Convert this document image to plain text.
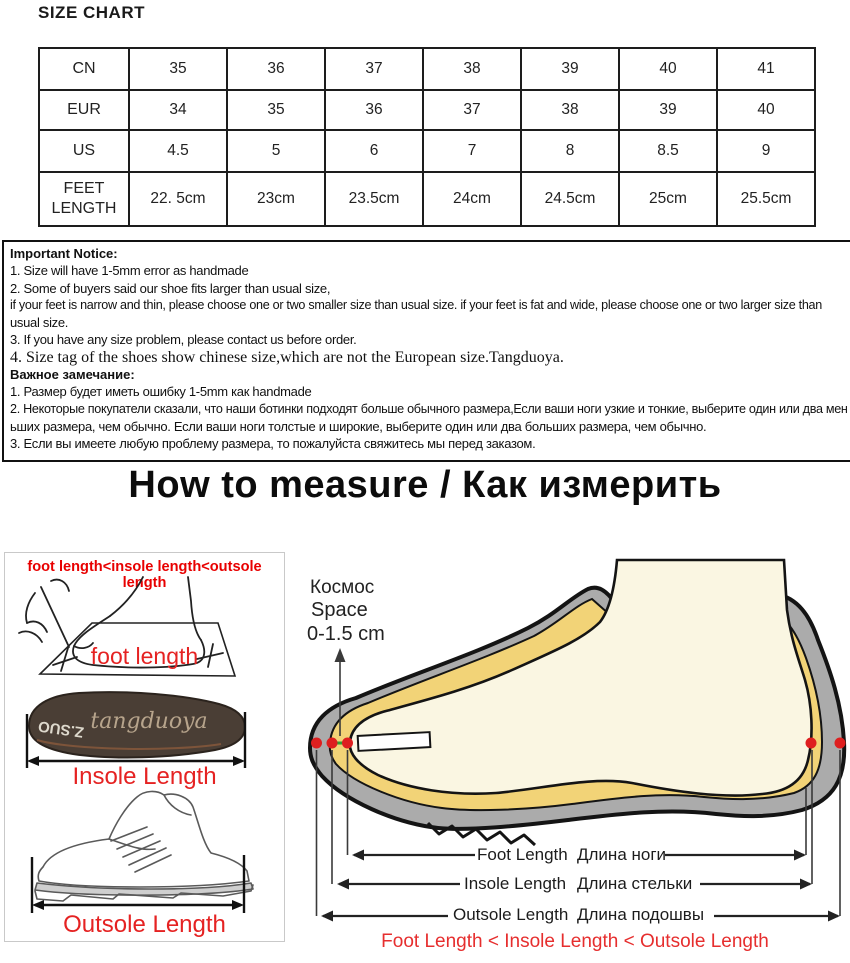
SIZE CHART
CN	35	36	37	38	39	40	41
EUR	34	35	36	37	38	39	40
US	4.5	5	6	7	8	8.5	9
FEET LENGTH	22. 5cm	23cm	23.5cm	24cm	24.5cm	25cm	25.5cm
Important Notice:
1. Size will have 1-5mm error as handmade
2. Some of buyers said our shoe fits larger than usual size,
if your feet is narrow and thin, please choose one or two smaller size than usual size. if your feet is fat and wide, please choose one or two larger size than
usual size.
3. If you have any size problem, please contact us before order.
4. Size tag of the shoes show chinese size,which are not the European size.Tangduoya.
Важное замечание:
1. Размер будет иметь ошибку 1-5mm как handmade
2. Некоторые покупатели сказали, что наши ботинки подходят больше обычного размера,Если ваши ноги узкие и тонкие, выберите один или два мен
ьших размера, чем обычно. Если ваши ноги толстые и широкие, выберите один или два больших размера, чем обычно.
3. Если вы имеете любую проблему размера, то пожалуйста свяжитесь мы перед заказом.
How to measure / Как измерить
foot length<insole length<outsole length
foot length
Z.SUO tangduoya
Insole Length
Outsole Length
Космос
Space
0-1.5 cm
Foot Length Длина ноги
Insole Length Длина стельки
Outsole Length Длина подошвы
Foot Length < Insole Length < Outsole Length
